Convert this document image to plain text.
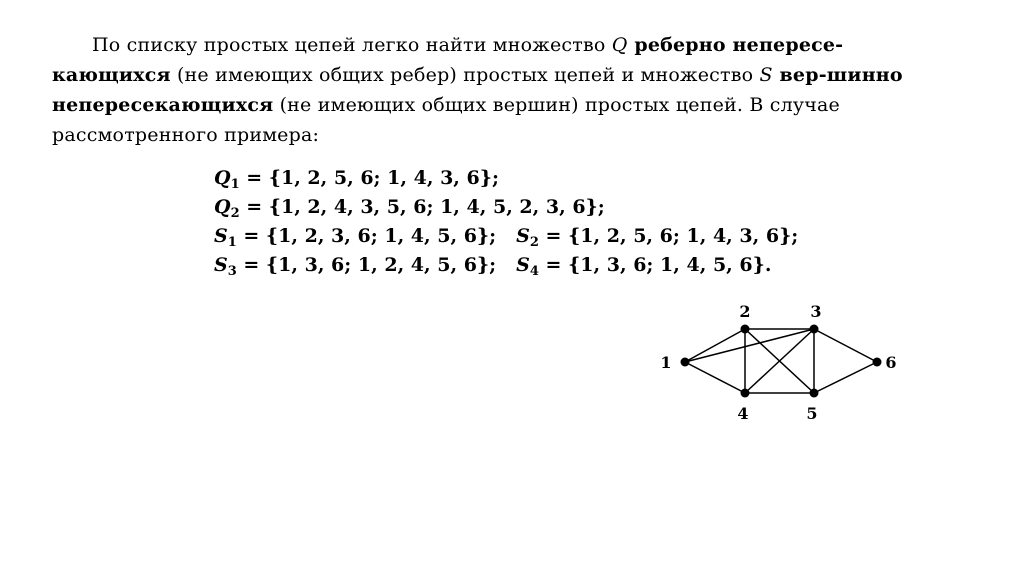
По списку простых цепей легко найти множество Q реберно непересе-кающихся (не имеющих общих ребер) простых цепей и множество S вер-шинно непересекающихся (не имеющих общих вершин) простых цепей. В случае рассмотренного примера:
$Q_1 = \{1$, 2, 5, 6; 1, 4, 3, 6};
$Q_2 = \{1$, 2, 4, 3, 5, 6; 1, 4, 5, 2, 3, 6};
$S_1 = \{1$, 2, 3, 6; 1, 4, 5, 6}; $S_2 = \{1$, 2, 5, 6; 1, 4, 3, 6};
$S_3 = \{1$, 3, 6; 1, 2, 4, 5, 6}; $S_4 = \{1$, 3, 6; 1, 4, 5, 6}.
1
2	3
4	5
6
